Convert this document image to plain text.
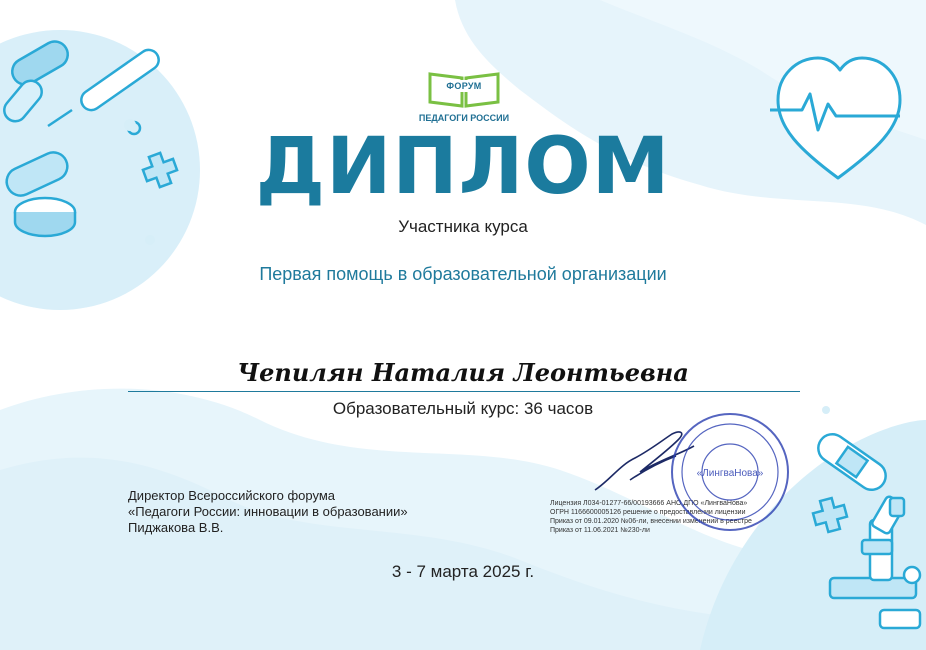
ФОРУМ
ПЕДАГОГИ РОССИИ
ДИПЛОМ
Участника курса
Первая помощь в образовательной организации
Чепилян Наталия Леонтьевна
Образовательный курс: 36 часов
Директор Всероссийского форума
«Педагоги России: инновации в образовании»
Пиджакова В.В.
Лицензия Л034-01277-66/00193666 АНО ДПО «ЛингваНова»
ОГРН 1166600005126 решение о предоставлении лицензии
Приказ от 09.01.2020 №06-ли, внесении изменений в реестре
Приказ от 11.06.2021 №230-ли
«ЛингваНова»
3 - 7 марта 2025 г.
